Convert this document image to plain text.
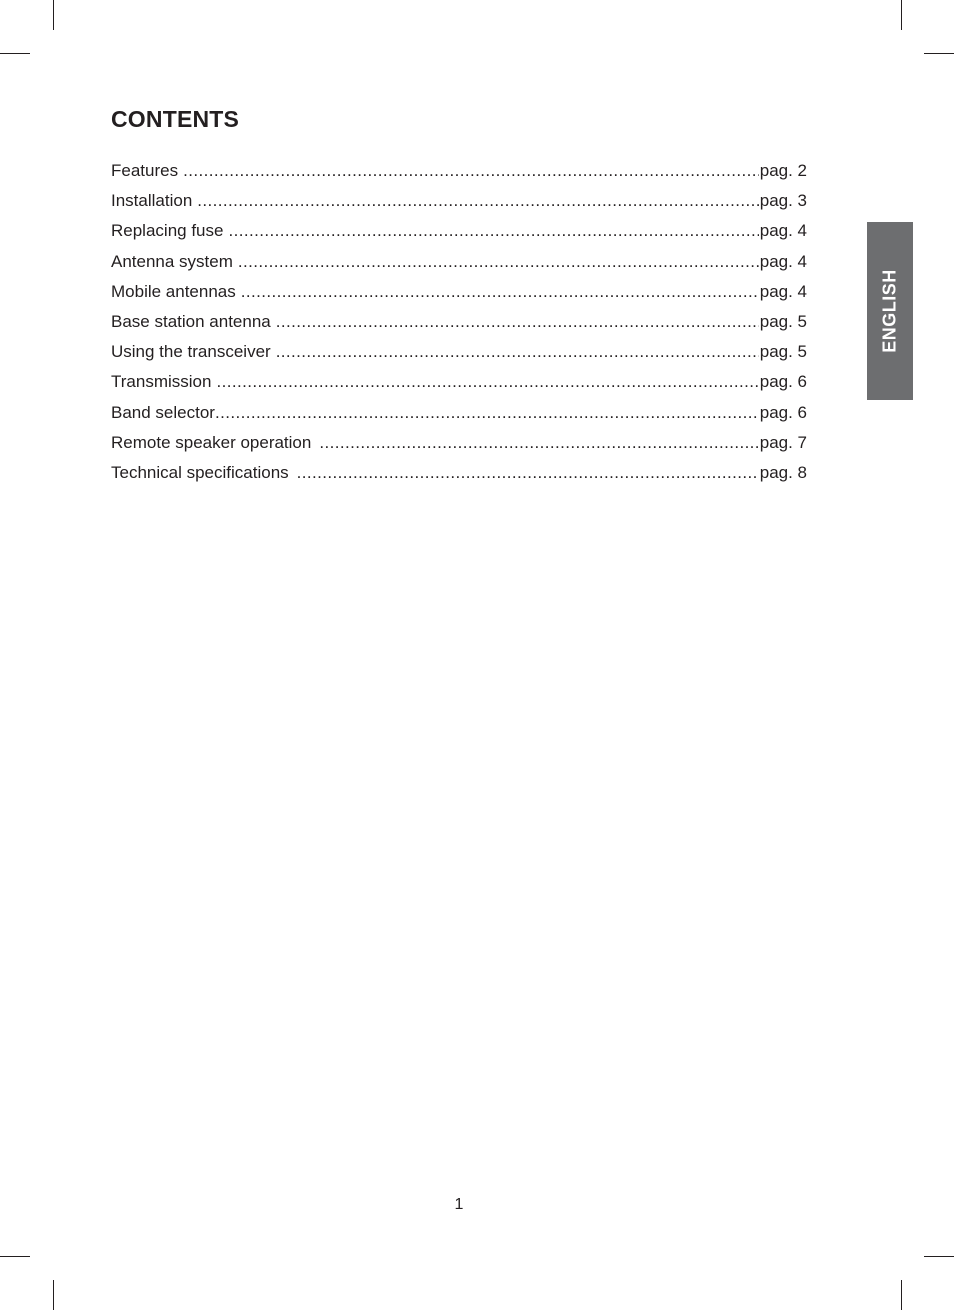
CONTENTS
Features .....	pag. 2
Installation .....	pag. 3
Replacing fuse .....	pag. 4
Antenna system .....	pag. 4
Mobile antennas .....	pag. 4
Base station antenna .....	pag. 5
Using the transceiver .....	pag. 5
Transmission .....	pag. 6
Band selector .....	pag. 6
Remote speaker operation .....	pag. 7
Technical specifications .....	pag. 8
ENGLISH
1
